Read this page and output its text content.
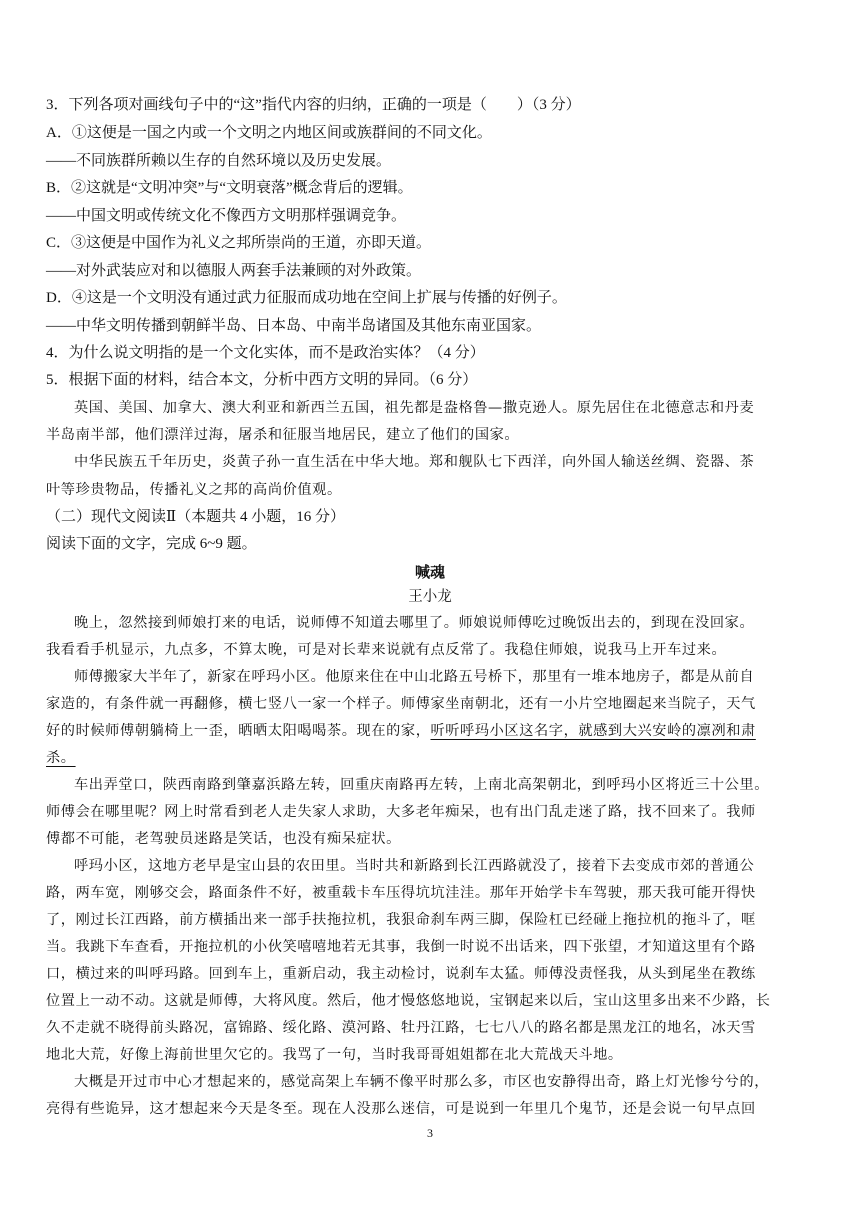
3．下列各项对画线句子中的“这”指代内容的归纳，正确的一项是（　　）（3 分）
A．①这便是一国之内或一个文明之内地区间或族群间的不同文化。
——不同族群所赖以生存的自然环境以及历史发展。
B．②这就是“文明冲突”与“文明衰落”概念背后的逻辑。
——中国文明或传统文化不像西方文明那样强调竞争。
C．③这便是中国作为礼义之邦所崇尚的王道，亦即天道。
——对外武装应对和以德服人两套手法兼顾的对外政策。
D．④这是一个文明没有通过武力征服而成功地在空间上扩展与传播的好例子。
——中华文明传播到朝鲜半岛、日本岛、中南半岛诸国及其他东南亚国家。
4．为什么说文明指的是一个文化实体，而不是政治实体？（4 分）
5．根据下面的材料，结合本文，分析中西方文明的异同。（6 分）
英国、美国、加拿大、澳大利亚和新西兰五国，祖先都是盎格鲁—撒克逊人。原先居住在北德意志和丹麦
半岛南半部，他们漂洋过海，屠杀和征服当地居民，建立了他们的国家。
中华民族五千年历史，炎黄子孙一直生活在中华大地。郑和舰队七下西洋，向外国人输送丝绸、瓷器、茶
叶等珍贵物品，传播礼义之邦的高尚价值观。
（二）现代文阅读Ⅱ（本题共 4 小题，16 分）
阅读下面的文字，完成 6~9 题。
喊魂
王小龙
晚上，忽然接到师娘打来的电话，说师傅不知道去哪里了。师娘说师傅吃过晚饭出去的，到现在没回家。
我看看手机显示，九点多，不算太晚，可是对长辈来说就有点反常了。我稳住师娘，说我马上开车过来。
师傅搬家大半年了，新家在呼玛小区。他原来住在中山北路五号桥下，那里有一堆本地房子，都是从前自
家造的，有条件就一再翻修，横七竖八一家一个样子。师傅家坐南朝北，还有一小片空地圈起来当院子，天气
好的时候师傅朝躺椅上一歪，晒晒太阳喝喝茶。现在的家，听听呼玛小区这名字，就感到大兴安岭的凛冽和肃
杀。
车出弄堂口，陕西南路到肇嘉浜路左转，回重庆南路再左转，上南北高架朝北，到呼玛小区将近三十公里。
师傅会在哪里呢？网上时常看到老人走失家人求助，大多老年痴呆，也有出门乱走迷了路，找不回来了。我师
傅都不可能，老驾驶员迷路是笑话，也没有痴呆症状。
呼玛小区，这地方老早是宝山县的农田里。当时共和新路到长江西路就没了，接着下去变成市郊的普通公
路，两车宽，刚够交会，路面条件不好，被重载卡车压得坑坑洼洼。那年开始学卡车驾驶，那天我可能开得快
了，刚过长江西路，前方横插出来一部手扶拖拉机，我狠命刹车两三脚，保险杠已经碰上拖拉机的拖斗了，哐
当。我跳下车查看，开拖拉机的小伙笑嘻嘻地若无其事，我倒一时说不出话来，四下张望，才知道这里有个路
口，横过来的叫呼玛路。回到车上，重新启动，我主动检讨，说刹车太猛。师傅没责怪我，从头到尾坐在教练
位置上一动不动。这就是师傅，大将风度。然后，他才慢悠悠地说，宝钢起来以后，宝山这里多出来不少路，长
久不走就不晓得前头路况，富锦路、绥化路、漠河路、牡丹江路，七七八八的路名都是黑龙江的地名，冰天雪
地北大荒，好像上海前世里欠它的。我骂了一句，当时我哥哥姐姐都在北大荒战天斗地。
大概是开过市中心才想起来的，感觉高架上车辆不像平时那么多，市区也安静得出奇，路上灯光惨兮兮的，
亮得有些诡异，这才想起来今天是冬至。现在人没那么迷信，可是说到一年里几个鬼节，还是会说一句早点回
3
